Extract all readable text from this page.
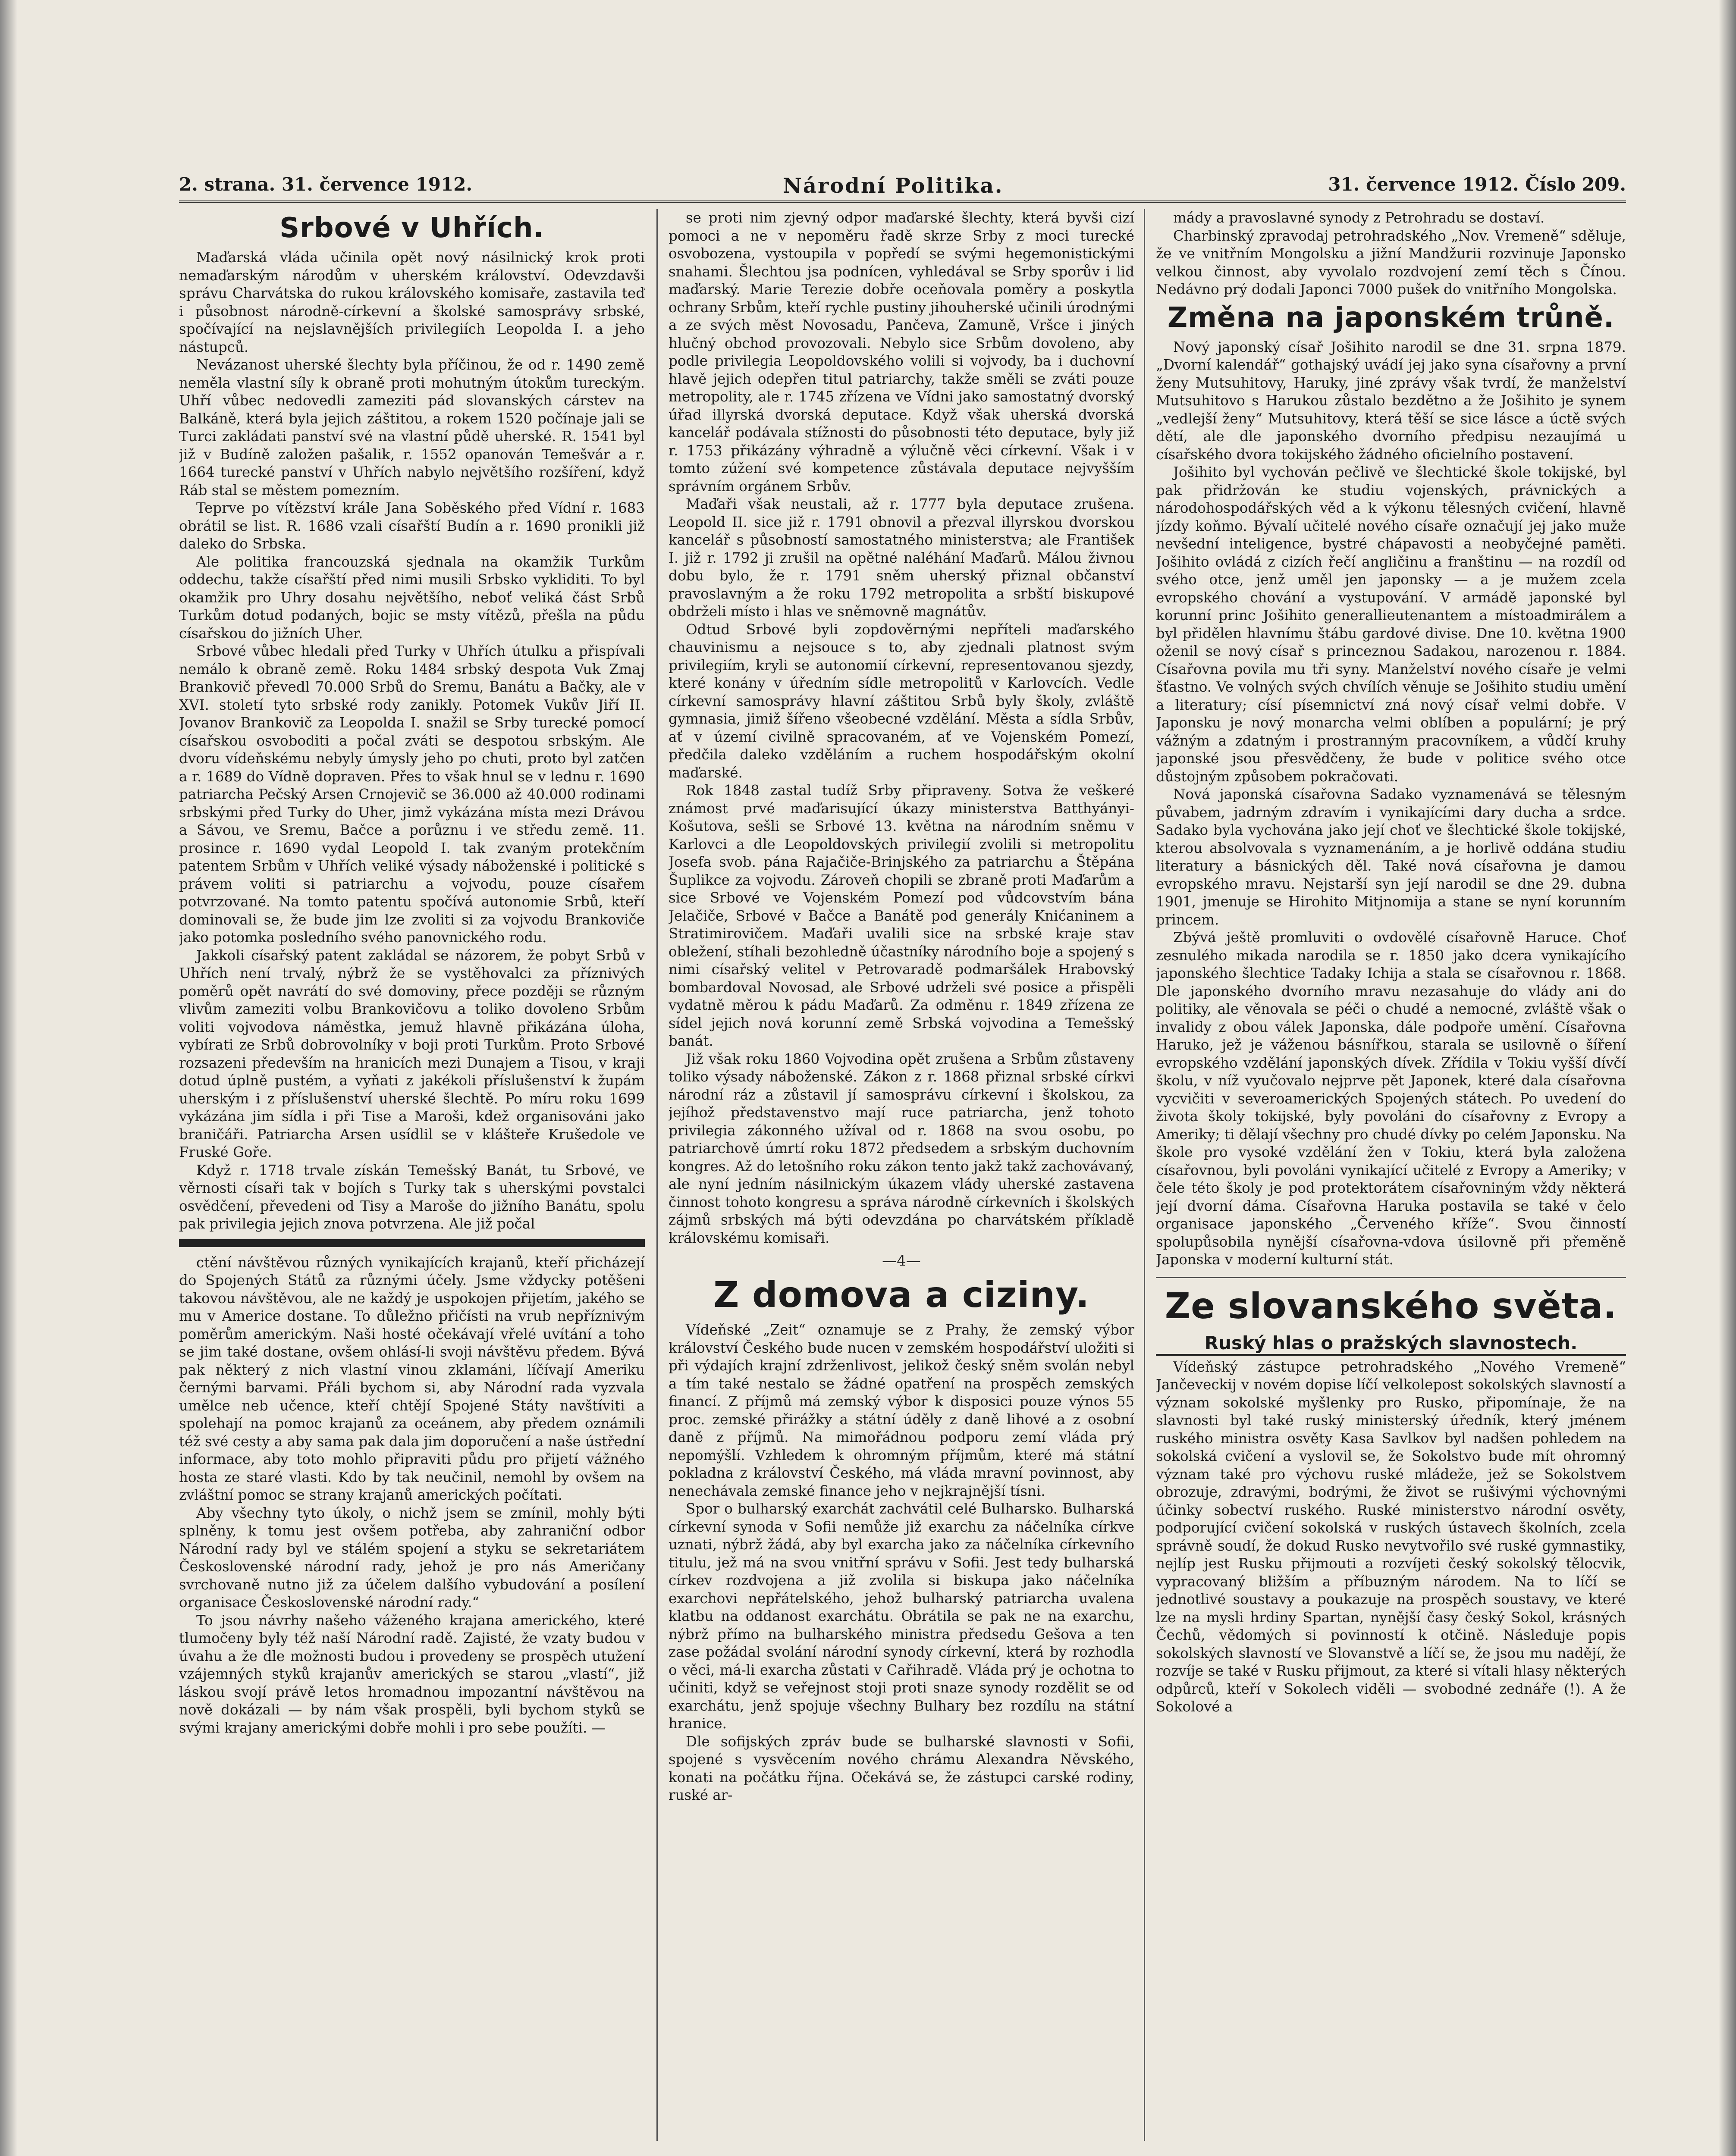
2. strana. 31. července 1912.	Národní Politika.	31. července 1912. Číslo 209.
Srbové v Uhřích.

Maďarská vláda učinila opět nový násilnický krok proti nemaďarským národům v uherském království. Odevzdavši správu Charvátska do rukou královského komisaře, zastavila teď i působnost národně-církevní a školské samosprávy srbské, spočívající na nejslavnějších privilegiích Leopolda I. a jeho nástupců.

Nevázanost uherské šlechty byla příčinou, že od r. 1490 země neměla vlastní síly k obraně proti mohutným útokům tureckým. Uhří vůbec nedovedli zameziti pád slovanských cárstev na Balkáně, která byla jejich záštitou, a rokem 1520 počínaje jali se Turci zakládati panství své na vlastní půdě uherské. R. 1541 byl již v Budíně založen pašalik, r. 1552 opanován Temešvár a r. 1664 turecké panství v Uhřích nabylo největšího rozšíření, když Ráb stal se městem pomezním.

Teprve po vítězství krále Jana Soběského před Vídní r. 1683 obrátil se list. R. 1686 vzali císařští Budín a r. 1690 pronikli již daleko do Srbska.

Ale politika francouzská sjednala na okamžik Turkům oddechu, takže císařští před nimi musili Srbsko vykliditi. To byl okamžik pro Uhry dosahu největšího, neboť veliká část Srbů Turkům dotud podaných, bojic se msty vítězů, přešla na půdu císařskou do jižních Uher.

Srbové vůbec hledali před Turky v Uhřích útulku a přispívali nemálo k obraně země. Roku 1484 srbský despota Vuk Zmaj Brankovič převedl 70.000 Srbů do Sremu, Banátu a Bačky, ale v XVI. století tyto srbské rody zanikly. Potomek Vukův Jiří II. Jovanov Brankovič za Leopolda I. snažil se Srby turecké pomocí císařskou osvoboditi a počal zváti se despotou srbským. Ale dvoru vídeňskému nebyly úmysly jeho po chuti, proto byl zatčen a r. 1689 do Vídně dopraven. Přes to však hnul se v lednu r. 1690 patriarcha Pečský Arsen Crnojevič se 36.000 až 40.000 rodinami srbskými před Turky do Uher, jimž vykázána místa mezi Drávou a Sávou, ve Sremu, Bačce a porůznu i ve středu země. 11. prosince r. 1690 vydal Leopold I. tak zvaným protekčním patentem Srbům v Uhřích veliké výsady náboženské i politické s právem voliti si patriarchu a vojvodu, pouze císařem potvrzované. Na tomto patentu spočívá autonomie Srbů, kteří dominovali se, že bude jim lze zvoliti si za vojvodu Brankoviče jako potomka posledního svého panovnického rodu.

Jakkoli císařský patent zakládal se názorem, že pobyt Srbů v Uhřích není trvalý, nýbrž že se vystěhovalci za příznivých poměrů opět navrátí do své domoviny, přece později se různým vlivům zameziti volbu Brankovičovu a toliko dovoleno Srbům voliti vojvodova náměstka, jemuž hlavně přikázána úloha, vybírati ze Srbů dobrovolníky v boji proti Turkům. Proto Srbové rozsazeni především na hranicích mezi Dunajem a Tisou, v kraji dotud úplně pustém, a vyňati z jakékoli příslušenství k župám uherským i z příslušenství uherské šlechtě. Po míru roku 1699 vykázána jim sídla i při Tise a Maroši, kdež organisováni jako braničáři. Patriarcha Arsen usídlil se v klášteře Krušedole ve Fruské Goře.

Když r. 1718 trvale získán Temešský Banát, tu Srbové, ve věrnosti císaři tak v bojích s Turky tak s uherskými povstalci osvědčení, převedeni od Tisy a Maroše do jižního Banátu, spolu pak privilegia jejich znova potvrzena. Ale již počal

ctění návštěvou různých vynikajících krajanů, kteří přicházejí do Spojených Států za různými účely. Jsme vždycky potěšeni takovou návštěvou, ale ne každý je uspokojen přijetím, jakého se mu v Americe dostane. To důležno přičísti na vrub nepříznivým poměrům americkým. Naši hosté očekávají vřelé uvítání a toho se jim také dostane, ovšem ohlásí-li svoji návštěvu předem. Bývá pak některý z nich vlastní vinou zklamáni, líčívají Ameriku černými barvami. Přáli bychom si, aby Národní rada vyzvala umělce neb učence, kteří chtějí Spojené Státy navštíviti a spolehají na pomoc krajanů za oceánem, aby předem oznámili též své cesty a aby sama pak dala jim doporučení a naše ústřední informace, aby toto mohlo připraviti půdu pro přijetí vážného hosta ze staré vlasti. Kdo by tak neučinil, nemohl by ovšem na zvláštní pomoc se strany krajanů amerických počítati.

Aby všechny tyto úkoly, o nichž jsem se zmínil, mohly býti splněny, k tomu jest ovšem potřeba, aby zahraniční odbor Národní rady byl ve stálém spojení a styku se sekretariátem Československé národní rady, jehož je pro nás Američany svrchovaně nutno již za účelem dalšího vybudování a posílení organisace Československé národní rady.“

To jsou návrhy našeho váženého krajana amerického, které tlumočeny byly též naší Národní radě. Zajisté, že vzaty budou v úvahu a že dle možnosti budou i provedeny se prospěch utužení vzájemných styků krajanův amerických se starou „vlastí“, již láskou svojí právě letos hromadnou impozantní návštěvou na nově dokázali — by nám však prospěli, byli bychom styků se svými krajany americkými dobře mohli i pro sebe použíti. —

se proti nim zjevný odpor maďarské šlechty, která byvši cizí pomoci a ne v nepoměru řadě skrze Srby z moci turecké osvobozena, vystoupila v popředí se svými hegemonistickými snahami. Šlechtou jsa podnícen, vyhledával se Srby sporův i lid maďarský. Marie Terezie dobře oceňovala poměry a poskytla ochrany Srbům, kteří rychle pustiny jihouherské učinili úrodnými a ze svých měst Novosadu, Pančeva, Zamuně, Vršce i jiných hlučný obchod provozovali. Nebylo sice Srbům dovoleno, aby podle privilegia Leopoldovského volili si vojvody, ba i duchovní hlavě jejich odepřen titul patriarchy, takže směli se zváti pouze metropolity, ale r. 1745 zřízena ve Vídni jako samostatný dvorský úřad illyrská dvorská deputace. Když však uherská dvorská kancelář podávala stížnosti do působnosti této deputace, byly již r. 1753 přikázány výhradně a výlučně věci církevní. Však i v tomto zúžení své kompetence zůstávala deputace nejvyšším správním orgánem Srbův.

Maďaři však neustali, až r. 1777 byla deputace zrušena. Leopold II. sice již r. 1791 obnovil a přezval illyrskou dvorskou kancelář s působností samostatného ministerstva; ale František I. již r. 1792 ji zrušil na opětné naléhání Maďarů. Málou živnou dobu bylo, že r. 1791 sněm uherský přiznal občanství pravoslavným a že roku 1792 metropolita a srbští biskupové obdrželi místo i hlas ve sněmovně magnátův.

Odtud Srbové byli zopdověrnými nepříteli maďarského chauvinismu a nejsouce s to, aby zjednali platnost svým privilegiím, kryli se autonomií církevní, representovanou sjezdy, které konány v úředním sídle metropolitů v Karlovcích. Vedle církevní samosprávy hlavní záštitou Srbů byly školy, zvláště gymnasia, jimiž šířeno všeobecné vzdělání. Města a sídla Srbův, ať v území civilně spracovaném, ať ve Vojenském Pomezí, předčila daleko vzděláním a ruchem hospodářským okolní maďarské.

Rok 1848 zastal tudíž Srby připraveny. Sotva že veškeré známost prvé maďarisující úkazy ministerstva Batthyányi-Košutova, sešli se Srbové 13. května na národním sněmu v Karlovci a dle Leopoldovských privilegií zvolili si metropolitu Josefa svob. pána Rajačiče-Brinjského za patriarchu a Štěpána Šuplikce za vojvodu. Zároveň chopili se zbraně proti Maďarům a sice Srbové ve Vojenském Pomezí pod vůdcovstvím bána Jelačiče, Srbové v Bačce a Banátě pod generály Knićaninem a Stratimirovičem. Maďaři uvalili sice na srbské kraje stav obležení, stíhali bezohledně účastníky národního boje a spojený s nimi císařský velitel v Petrovaradě podmaršálek Hrabovský bombardoval Novosad, ale Srbové udrželi své posice a přispěli vydatně měrou k pádu Maďarů. Za odměnu r. 1849 zřízena ze sídel jejich nová korunní země Srbská vojvodina a Temešský banát.

Již však roku 1860 Vojvodina opět zrušena a Srbům zůstaveny toliko výsady náboženské. Zákon z r. 1868 přiznal srbské církvi národní ráz a zůstavil jí samosprávu církevní i školskou, za jejíhož představenstvo mají ruce patriarcha, jenž tohoto privilegia zákonného užíval od r. 1868 na svou osobu, po patriarchově úmrtí roku 1872 předsedem a srbským duchovním kongres. Až do letošního roku zákon tento jakž takž zachovávaný, ale nyní jedním násilnickým úkazem vlády uherské zastavena činnost tohoto kongresu a správa národně církevních i školských zájmů srbských má býti odevzdána po charvátském příkladě královskému komisaři.

—4—
Z domova a ciziny.

Vídeňské „Zeit“ oznamuje se z Prahy, že zemský výbor království Českého bude nucen v zemském hospodářství uložiti si při výdajích krajní zdrženlivost, jelikož český sněm svolán nebyl a tím také nestalo se žádné opatření na prospěch zemských financí. Z příjmů má zemský výbor k disposici pouze výnos 55 proc. zemské přirážky a státní úděly z daně lihové a z osobní daně z příjmů. Na mimořádnou podporu zemí vláda prý nepomýšlí. Vzhledem k ohromným příjmům, které má státní pokladna z království Českého, má vláda mravní povinnost, aby nenechávala zemské finance jeho v nejkrajnější tísni.

Spor o bulharský exarchát zachvátil celé Bulharsko. Bulharská církevní synoda v Sofii nemůže již exarchu za náčelníka církve uznati, nýbrž žádá, aby byl exarcha jako za náčelníka církevního titulu, jež má na svou vnitřní správu v Sofii. Jest tedy bulharská církev rozdvojena a již zvolila si biskupa jako náčelníka exarchovi nepřátelského, jehož bulharský patriarcha uvalena klatbu na oddanost exarchátu. Obrátila se pak ne na exarchu, nýbrž přímo na bulharského ministra předsedu Gešova a ten zase požádal svolání národní synody církevní, která by rozhodla o věci, má-li exarcha zůstati v Cařihradě. Vláda prý je ochotna to učiniti, když se veřejnost stoji proti snaze synody rozdělit se od exarchátu, jenž spojuje všechny Bulhary bez rozdílu na státní hranice.

Dle sofijských zpráv bude se bulharské slavnosti v Sofii, spojené s vysvěcením nového chrámu Alexandra Něvského, konati na počátku října. Očekává se, že zástupci carské rodiny, ruské ar-

mády a pravoslavné synody z Petrohradu se dostaví.

Charbinský zpravodaj petrohradského „Nov. Vremeně“ sděluje, že ve vnitřním Mongolsku a jižní Mandžurii rozvinuje Japonsko velkou činnost, aby vyvolalo rozdvojení zemí těch s Čínou. Nedávno prý dodali Japonci 7000 pušek do vnitřního Mongolska.

Změna na japonském trůně.

Nový japonský císař Jošihito narodil se dne 31. srpna 1879. „Dvorní kalendář“ gothajský uvádí jej jako syna císařovny a první ženy Mutsuhitovy, Haruky, jiné zprávy však tvrdí, že manželství Mutsuhitovo s Harukou zůstalo bezdětno a že Jošihito je synem „vedlejší ženy“ Mutsuhitovy, která těší se sice lásce a úctě svých dětí, ale dle japonského dvorního předpisu nezaujímá u císařského dvora tokijského žádného oficielního postavení.

Jošihito byl vychován pečlivě ve šlechtické škole tokijské, byl pak přidržován ke studiu vojenských, právnických a národohospodářských věd a k výkonu tělesných cvičení, hlavně jízdy koňmo. Bývalí učitelé nového císaře označují jej jako muže nevšední inteligence, bystré chápavosti a neobyčejné paměti. Jošihito ovládá z cizích řečí angličinu a franštinu — na rozdíl od svého otce, jenž uměl jen japonsky — a je mužem zcela evropského chování a vystupování. V armádě japonské byl korunní princ Jošihito generallieutenantem a místoadmirálem a byl přidělen hlavnímu štábu gardové divise. Dne 10. května 1900 oženil se nový císař s princeznou Sadakou, narozenou r. 1884. Císařovna povila mu tři syny. Manželství nového císaře je velmi šťastno. Ve volných svých chvílích věnuje se Jošihito studiu umění a literatury; císí písemnictví zná nový císař velmi dobře. V Japonsku je nový monarcha velmi oblíben a populární; je prý vážným a zdatným i prostranným pracovníkem, a vůdčí kruhy japonské jsou přesvědčeny, že bude v politice svého otce důstojným způsobem pokračovati.

Nová japonská císařovna Sadako vyznamenává se tělesným půvabem, jadrným zdravím i vynikajícími dary ducha a srdce. Sadako byla vychována jako její choť ve šlechtické škole tokijské, kterou absolvovala s vyznamenáním, a je horlivě oddána studiu literatury a básnických děl. Také nová císařovna je damou evropského mravu. Nejstarší syn její narodil se dne 29. dubna 1901, jmenuje se Hirohito Mitjnomija a stane se nyní korunním princem.

Zbývá ještě promluviti o ovdovělé císařovně Haruce. Choť zesnulého mikada narodila se r. 1850 jako dcera vynikajícího japonského šlechtice Tadaky Ichija a stala se císařovnou r. 1868. Dle japonského dvorního mravu nezasahuje do vlády ani do politiky, ale věnovala se péči o chudé a nemocné, zvláště však o invalidy z obou válek Japonska, dále podpoře umění. Císařovna Haruko, jež je váženou básnířkou, starala se usilovně o šíření evropského vzdělání japonských dívek. Zřídila v Tokiu vyšší dívčí školu, v níž vyučovalo nejprve pět Japonek, které dala císařovna vycvičiti v severoamerických Spojených státech. Po uvedení do života školy tokijské, byly povoláni do císařovny z Evropy a Ameriky; ti dělají všechny pro chudé dívky po celém Japonsku. Na škole pro vysoké vzdělání žen v Tokiu, která byla založena císařovnou, byli povoláni vynikající učitelé z Evropy a Ameriky; v čele této školy je pod protektorátem císařovniným vždy některá její dvorní dáma. Císařovna Haruka postavila se také v čelo organisace japonského „Červeného kříže“. Svou činností spolupůsobila nynější císařovna-vdova úsilovně při přeměně Japonska v moderní kulturní stát.

Ze slovanského světa.
Ruský hlas o pražských slavnostech.

Vídeňský zástupce petrohradského „Nového Vremeně“ Jančeveckij v novém dopise líčí velkolepost sokolských slavností a význam sokolské myšlenky pro Rusko, připomínaje, že na slavnosti byl také ruský ministerský úředník, který jménem ruského ministra osvěty Kasa Savlkov byl nadšen pohledem na sokolská cvičení a vyslovil se, že Sokolstvo bude mít ohromný význam také pro výchovu ruské mládeže, jež se Sokolstvem obrozuje, zdravými, bodrými, že život se rušivými výchovnými účinky sobectví ruského. Ruské ministerstvo národní osvěty, podporující cvičení sokolská v ruských ústavech školních, zcela správně soudí, že dokud Rusko nevytvořilo své ruské gymnastiky, nejlíp jest Rusku přijmouti a rozvíjeti český sokolský tělocvik, vypracovaný bližším a příbuzným národem. Na to líčí se jednotlivé soustavy a poukazuje na prospěch soustavy, ve které lze na mysli hrdiny Spartan, nynější časy český Sokol, krásných Čechů, vědomých si povinností k otčině. Následuje popis sokolských slavností ve Slovanstvě a líčí se, že jsou mu nadějí, že rozvíje se také v Rusku přijmout, za které si vítali hlasy některých odpůrců, kteří v Sokolech viděli — svobodné zednáře (!). A že Sokolové a
